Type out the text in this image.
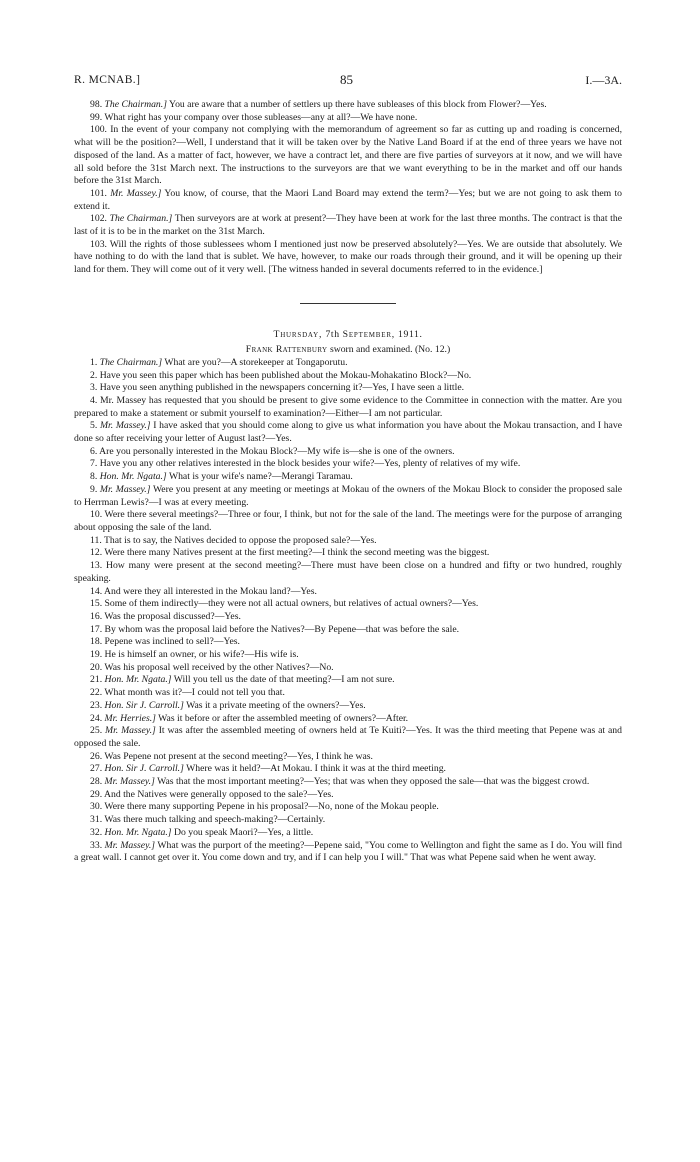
R. MCNAB.]	85	I.—3A.

98. The Chairman.] You are aware that a number of settlers up there have subleases of this block from Flower?—Yes.

99. What right has your company over those subleases—any at all?—We have none.

100. In the event of your company not complying with the memorandum of agreement so far as cutting up and roading is concerned, what will be the position?—Well, I understand that it will be taken over by the Native Land Board if at the end of three years we have not disposed of the land. As a matter of fact, however, we have a contract let, and there are five parties of surveyors at it now, and we will have all sold before the 31st March next. The instructions to the surveyors are that we want everything to be in the market and off our hands before the 31st March.

101. Mr. Massey.] You know, of course, that the Maori Land Board may extend the term?—Yes; but we are not going to ask them to extend it.

102. The Chairman.] Then surveyors are at work at present?—They have been at work for the last three months. The contract is that the last of it is to be in the market on the 31st March.

103. Will the rights of those sublessees whom I mentioned just now be preserved absolutely?—Yes. We are outside that absolutely. We have nothing to do with the land that is sublet. We have, however, to make our roads through their ground, and it will be opening up their land for them. They will come out of it very well. [The witness handed in several documents referred to in the evidence.]

Thursday, 7th September, 1911.

Frank Rattenbury sworn and examined. (No. 12.)

1. The Chairman.] What are you?—A storekeeper at Tongaporutu.

2. Have you seen this paper which has been published about the Mokau-Mohakatino Block?—No.

3. Have you seen anything published in the newspapers concerning it?—Yes, I have seen a little.

4. Mr. Massey has requested that you should be present to give some evidence to the Committee in connection with the matter. Are you prepared to make a statement or submit yourself to examination?—Either—I am not particular.

5. Mr. Massey.] I have asked that you should come along to give us what information you have about the Mokau transaction, and I have done so after receiving your letter of August last?—Yes.

6. Are you personally interested in the Mokau Block?—My wife is—she is one of the owners.

7. Have you any other relatives interested in the block besides your wife?—Yes, plenty of relatives of my wife.

8. Hon. Mr. Ngata.] What is your wife's name?—Merangi Taramau.

9. Mr. Massey.] Were you present at any meeting or meetings at Mokau of the owners of the Mokau Block to consider the proposed sale to Herrman Lewis?—I was at every meeting.

10. Were there several meetings?—Three or four, I think, but not for the sale of the land. The meetings were for the purpose of arranging about opposing the sale of the land.

11. That is to say, the Natives decided to oppose the proposed sale?—Yes.

12. Were there many Natives present at the first meeting?—I think the second meeting was the biggest.

13. How many were present at the second meeting?—There must have been close on a hundred and fifty or two hundred, roughly speaking.

14. And were they all interested in the Mokau land?—Yes.

15. Some of them indirectly—they were not all actual owners, but relatives of actual owners?—Yes.

16. Was the proposal discussed?—Yes.

17. By whom was the proposal laid before the Natives?—By Pepene—that was before the sale.

18. Pepene was inclined to sell?—Yes.

19. He is himself an owner, or his wife?—His wife is.

20. Was his proposal well received by the other Natives?—No.

21. Hon. Mr. Ngata.] Will you tell us the date of that meeting?—I am not sure.

22. What month was it?—I could not tell you that.

23. Hon. Sir J. Carroll.] Was it a private meeting of the owners?—Yes.

24. Mr. Herries.] Was it before or after the assembled meeting of owners?—After.

25. Mr. Massey.] It was after the assembled meeting of owners held at Te Kuiti?—Yes. It was the third meeting that Pepene was at and opposed the sale.

26. Was Pepene not present at the second meeting?—Yes, I think he was.

27. Hon. Sir J. Carroll.] Where was it held?—At Mokau. I think it was at the third meeting.

28. Mr. Massey.] Was that the most important meeting?—Yes; that was when they opposed the sale—that was the biggest crowd.

29. And the Natives were generally opposed to the sale?—Yes.

30. Were there many supporting Pepene in his proposal?—No, none of the Mokau people.

31. Was there much talking and speech-making?—Certainly.

32. Hon. Mr. Ngata.] Do you speak Maori?—Yes, a little.

33. Mr. Massey.] What was the purport of the meeting?—Pepene said, "You come to Wellington and fight the same as I do. You will find a great wall. I cannot get over it. You come down and try, and if I can help you I will." That was what Pepene said when he went away.
